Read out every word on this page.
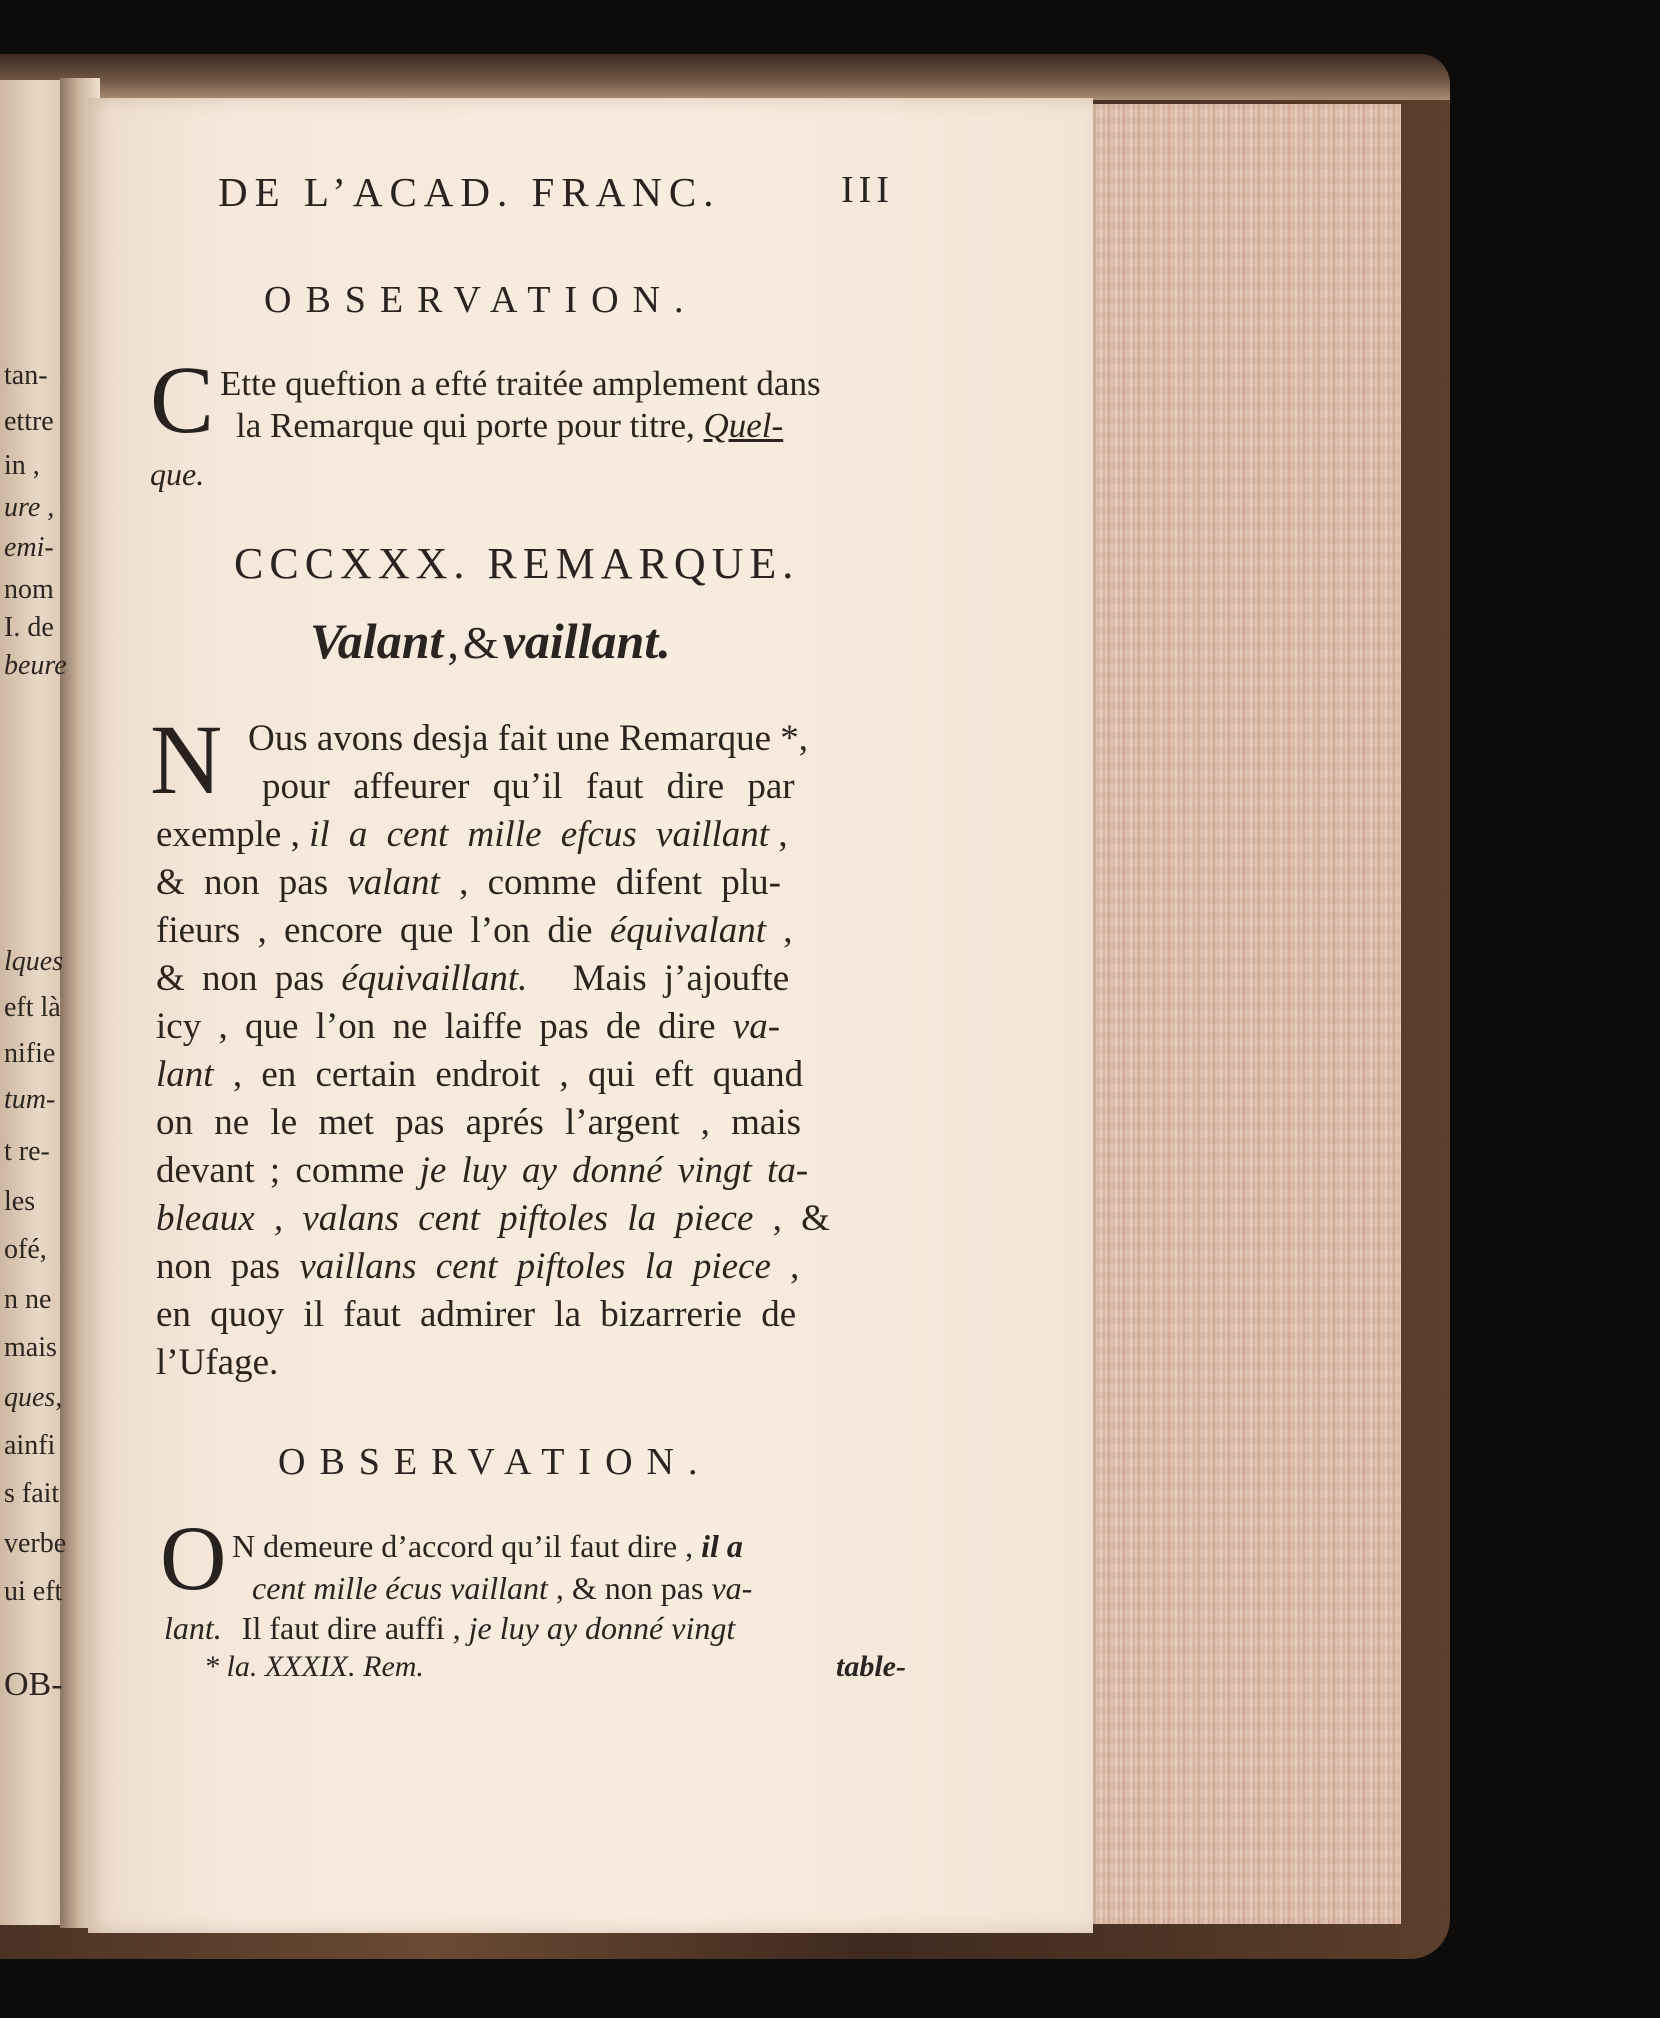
tan-
ettre
in ,
ure ,
emi-
nom
I. de
beure
lques
eft là
nifie
tum-
t re-
les
ofé,
n ne
mais
ques,
ainfi
s fait
verbe
ui eft
OB-
DE L’ACAD. FRANC.	III
OBSERVATION.
C Ette queftion a efté traitée amplement dans
la Remarque qui porte pour titre, Quel-
que.
CCCXXX. REMARQUE.
Valant , & vaillant.
N Ous avons desja fait une Remarque *,
pour affeurer qu’il faut dire par
exemple , il a cent mille efcus vaillant ,
& non pas valant , comme difent plu-
fieurs , encore que l’on die équivalant ,
& non pas équivaillant. Mais j’ajoufte
icy , que l’on ne laiffe pas de dire va-
lant , en certain endroit , qui eft quand
on ne le met pas aprés l’argent , mais
devant ; comme je luy ay donné vingt ta-
bleaux , valans cent piftoles la piece , &
non pas vaillans cent piftoles la piece ,
en quoy il faut admirer la bizarrerie de
l’Ufage.
OBSERVATION.
O N demeure d’accord qu’il faut dire , il a
cent mille écus vaillant , & non pas va-
lant. Il faut dire auffi , je luy ay donné vingt
* la. XXXIX. Rem.	table-
